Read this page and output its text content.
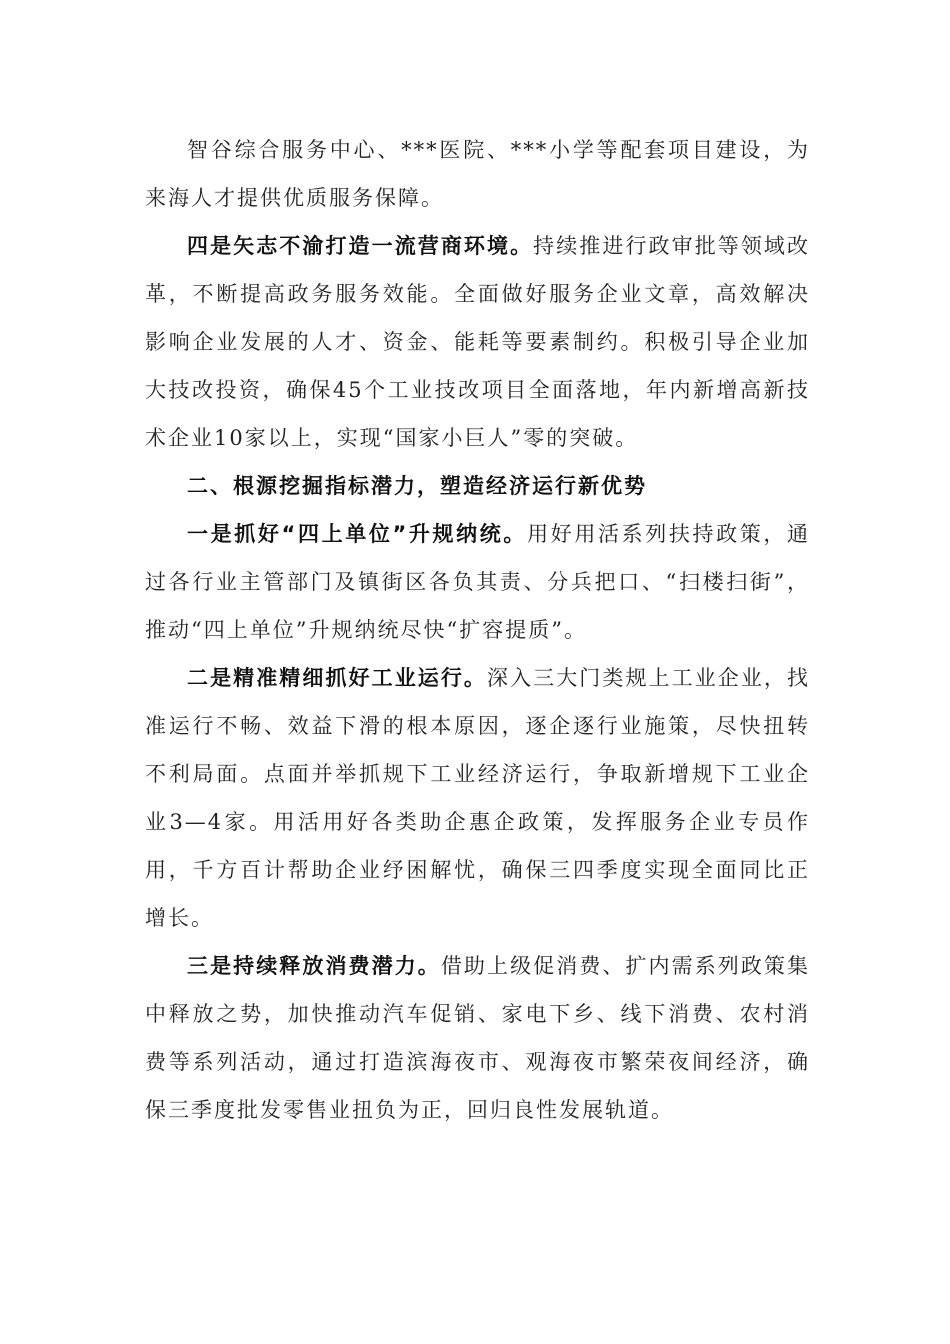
智谷综合服务中心、***医院、***小学等配套项目建设，为来海人才提供优质服务保障。

四是矢志不渝打造一流营商环境。持续推进行政审批等领域改革，不断提高政务服务效能。全面做好服务企业文章，高效解决影响企业发展的人才、资金、能耗等要素制约。积极引导企业加大技改投资，确保45个工业技改项目全面落地，年内新增高新技术企业10家以上，实现“国家小巨人”零的突破。

二、根源挖掘指标潜力，塑造经济运行新优势

一是抓好“四上单位”升规纳统。用好用活系列扶持政策，通过各行业主管部门及镇街区各负其责、分兵把口、“扫楼扫街”，推动“四上单位”升规纳统尽快“扩容提质”。

二是精准精细抓好工业运行。深入三大门类规上工业企业，找准运行不畅、效益下滑的根本原因，逐企逐行业施策，尽快扭转不利局面。点面并举抓规下工业经济运行，争取新增规下工业企业3—4家。用活用好各类助企惠企政策，发挥服务企业专员作用，千方百计帮助企业纾困解忧，确保三四季度实现全面同比正增长。

三是持续释放消费潜力。借助上级促消费、扩内需系列政策集中释放之势，加快推动汽车促销、家电下乡、线下消费、农村消费等系列活动，通过打造滨海夜市、观海夜市繁荣夜间经济，确保三季度批发零售业扭负为正，回归良性发展轨道。
